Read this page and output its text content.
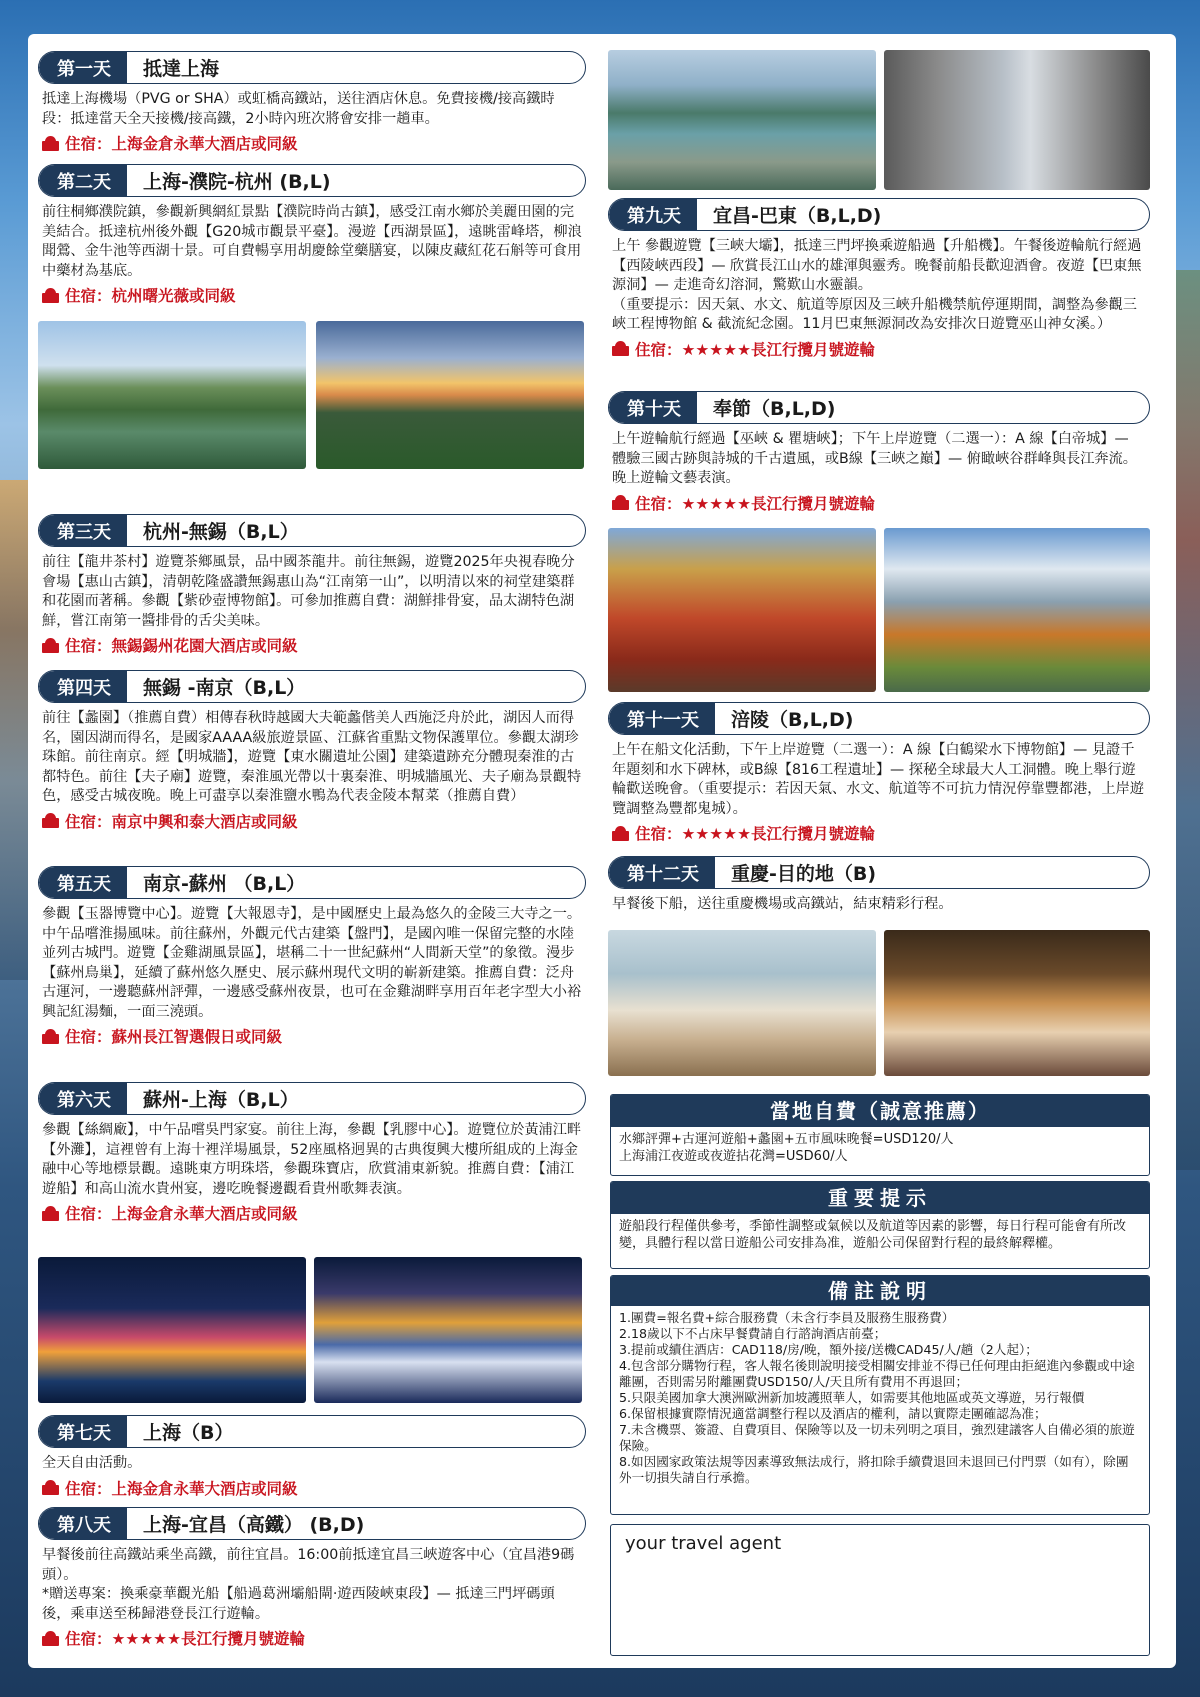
第一天	抵達上海
抵達上海機場（PVG or SHA）或虹橋高鐵站，送往酒店休息。免費接機/接高鐵時段：抵達當天全天接機/接高鐵，2小時內班次將會安排一趟車。
住宿：上海金倉永華大酒店或同級
第二天	上海-濮院-杭州 (B,L)
前往桐鄉濮院鎮，參觀新興網紅景點【濮院時尚古鎮】，感受江南水鄉於美麗田園的完美結合。抵達杭州後外觀【G20城市觀景平臺】。漫遊【西湖景區】，遠眺雷峰塔，柳浪聞鶯、金牛池等西湖十景。可自費暢享用胡慶餘堂藥膳宴，以陳皮藏紅花石斛等可食用中藥材為基底。
住宿：杭州曙光薇或同級
第三天	杭州-無錫（B,L）
前往【龍井茶村】遊覽茶鄉風景，品中國茶龍井。前往無錫，遊覽2025年央視春晚分會場【惠山古鎮】，清朝乾隆盛讚無錫惠山為“江南第一山”，以明清以來的祠堂建築群和花園而著稱。參觀【紫砂壺博物館】。可參加推薦自費：湖鮮排骨宴，品太湖特色湖鮮，嘗江南第一醬排骨的舌尖美味。
住宿：無錫錫州花園大酒店或同級
第四天	無錫 -南京（B,L）
前往【蠡園】（推薦自費）相傳春秋時越國大夫範蠡偕美人西施泛舟於此，湖因人而得名，園因湖而得名，是國家AAAA級旅遊景區、江蘇省重點文物保護單位。參觀太湖珍珠館。前往南京。經【明城牆】，遊覽【東水關遺址公園】建築遺跡充分體現秦淮的古都特色。前往【夫子廟】遊覽，秦淮風光帶以十裏秦淮、明城牆風光、夫子廟為景觀特色，感受古城夜晚。晚上可盡享以秦淮鹽水鴨為代表金陵本幫菜（推薦自費）
住宿：南京中興和泰大酒店或同級
第五天	南京-蘇州 （B,L）
參觀【玉器博覽中心】。遊覽【大報恩寺】，是中國歷史上最為悠久的金陵三大寺之一。中午品嚐淮揚風味。前往蘇州，外觀元代古建築【盤門】，是國內唯一保留完整的水陸並列古城門。遊覽【金雞湖風景區】，堪稱二十一世紀蘇州“人間新天堂”的象徵。漫步【蘇州鳥巢】，延續了蘇州悠久歷史、展示蘇州現代文明的嶄新建築。推薦自費：泛舟古運河，一邊聽蘇州評彈，一邊感受蘇州夜景，也可在金雞湖畔享用百年老字型大小裕興記紅湯麵，一面三澆頭。
住宿：蘇州長江智選假日或同級
第六天	蘇州-上海（B,L）
參觀【絲綢廠】，中午品嚐吳門家宴。前往上海，參觀【乳膠中心】。遊覽位於黃浦江畔【外灘】，這裡曾有上海十裡洋場風景，52座風格迥異的古典復興大樓所組成的上海金融中心等地標景觀。遠眺東方明珠塔，參觀珠寶店，欣賞浦東新貌。推薦自費：【浦江遊船】和高山流水貴州宴，邊吃晚餐邊觀看貴州歌舞表演。
住宿：上海金倉永華大酒店或同級
第七天	上海（B）
全天自由活動。
住宿：上海金倉永華大酒店或同級
第八天	上海-宜昌（高鐵） (B,D)
早餐後前往高鐵站乘坐高鐵，前往宜昌。16:00前抵達宜昌三峽遊客中心（宜昌港9碼頭）。
*贈送專案：換乘豪華觀光船【船過葛洲壩船閘·遊西陵峽東段】— 抵達三門坪碼頭後，乘車送至秭歸港登長江行遊輪。
住宿：★★★★★長江行攬月號遊輪
第九天	宜昌-巴東（B,L,D)
上午 參觀遊覽【三峽大壩】，抵達三門坪換乘遊船過【升船機】。午餐後遊輪航行經過【西陵峽西段】— 欣賞長江山水的雄渾與靈秀。晚餐前船長歡迎酒會。夜遊【巴東無源洞】— 走進奇幻溶洞，驚歎山水靈韻。
（重要提示：因天氣、水文、航道等原因及三峽升船機禁航停運期間，調整為參觀三峽工程博物館 & 截流紀念園。11月巴東無源洞改為安排次日遊覽巫山神女溪。）
住宿：★★★★★長江行攬月號遊輪
第十天	奉節（B,L,D)
上午遊輪航行經過【巫峽 & 瞿塘峽】；下午上岸遊覽（二選一）：A 線【白帝城】— 體驗三國古跡與詩城的千古遺風，或B線【三峽之巔】— 俯瞰峽谷群峰與長江奔流。晚上遊輪文藝表演。
住宿：★★★★★長江行攬月號遊輪
第十一天	涪陵（B,L,D)
上午在船文化活動，下午上岸遊覽（二選一）：A 線【白鶴梁水下博物館】— 見證千年題刻和水下碑林，或B線【816工程遺址】— 探秘全球最大人工洞體。晚上舉行遊輪歡送晚會。（重要提示：若因天氣、水文、航道等不可抗力情況停靠豐都港，上岸遊覽調整為豐都鬼城）。
住宿：★★★★★長江行攬月號遊輪
第十二天	重慶-目的地（B)
早餐後下船，送往重慶機場或高鐵站，結束精彩行程。
當地自費（誠意推薦）
水鄉評彈+古運河遊船+蠡園+五市風味晚餐=USD120/人
上海浦江夜遊或夜遊拈花灣=USD60/人
重要提示
遊船段行程僅供參考，季節性調整或氣候以及航道等因素的影響，每日行程可能會有所改變，具體行程以當日遊船公司安排為准，遊船公司保留對行程的最終解釋權。
備註說明
1.團費=報名費+綜合服務費（未含行李員及服務生服務費）
2.18歲以下不占床早餐費請自行諮詢酒店前臺；
3.提前或續住酒店：CAD118/房/晚，額外接/送機CAD45/人/趟（2人起）；
4.包含部分購物行程，客人報名後則說明接受相關安排並不得已任何理由拒絕進內參觀或中途離團，否則需另附離團費USD150/人/天且所有費用不再退回；
5.只限美國加拿大澳洲歐洲新加坡護照華人，如需要其他地區或英文導遊，另行報價
6.保留根據實際情況適當調整行程以及酒店的權利，請以實際走團確認為准；
7.未含機票、簽證、自費項目、保險等以及一切未列明之項目，強烈建議客人自備必須的旅遊保險。
8.如因國家政策法規等因素導致無法成行，將扣除手續費退回未退回已付門票（如有），除團外一切損失請自行承擔。
your travel agent
